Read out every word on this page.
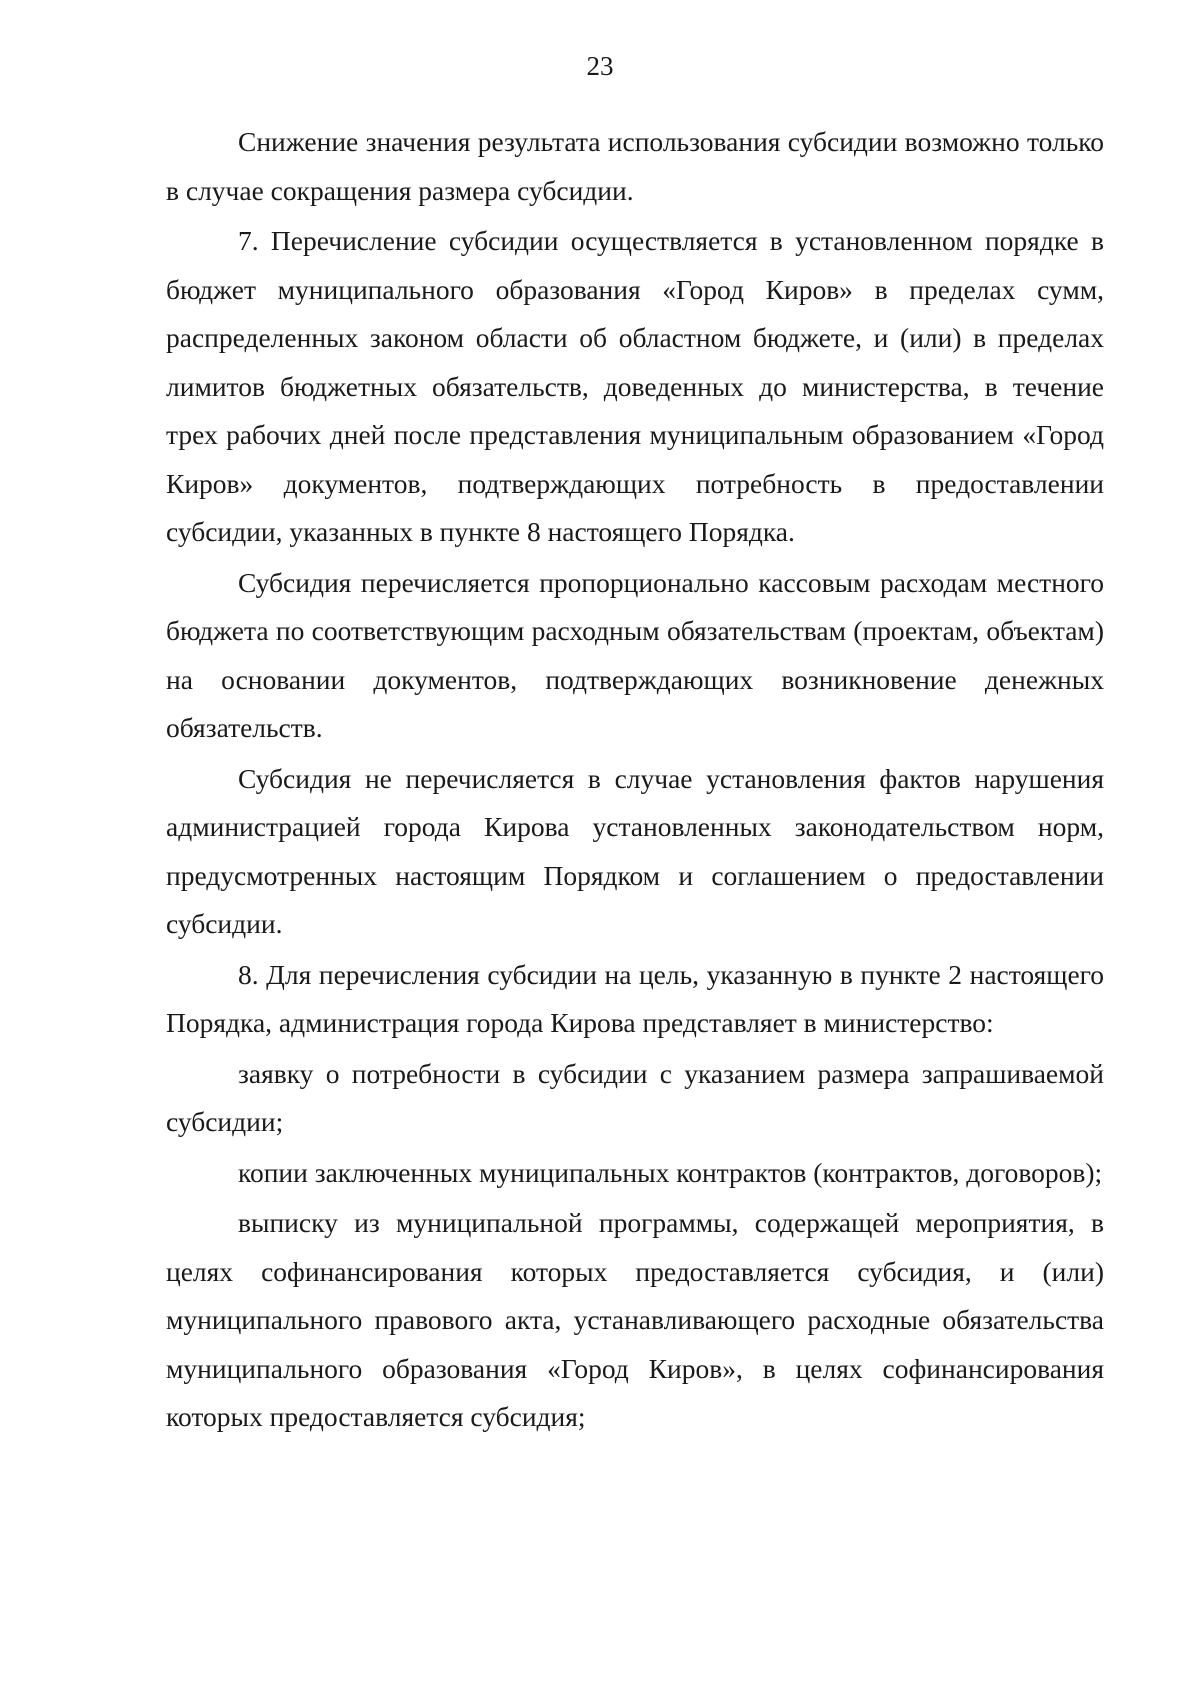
23

Снижение значения результата использования субсидии возможно только в случае сокращения размера субсидии.

7. Перечисление субсидии осуществляется в установленном порядке в бюджет муниципального образования «Город Киров» в пределах сумм, распределенных законом области об областном бюджете, и (или) в пределах лимитов бюджетных обязательств, доведенных до министерства, в течение трех рабочих дней после представления муниципальным образованием «Город Киров» документов, подтверждающих потребность в предоставлении субсидии, указанных в пункте 8 настоящего Порядка.

Субсидия перечисляется пропорционально кассовым расходам местного бюджета по соответствующим расходным обязательствам (проектам, объектам) на основании документов, подтверждающих возникновение денежных обязательств.

Субсидия не перечисляется в случае установления фактов нарушения администрацией города Кирова установленных законодательством норм, предусмотренных настоящим Порядком и соглашением о предоставлении субсидии.

8. Для перечисления субсидии на цель, указанную в пункте 2 настоящего Порядка, администрация города Кирова представляет в министерство:

заявку о потребности в субсидии с указанием размера запрашиваемой субсидии;

копии заключенных муниципальных контрактов (контрактов, договоров);

выписку из муниципальной программы, содержащей мероприятия, в целях софинансирования которых предоставляется субсидия, и (или) муниципального правового акта, устанавливающего расходные обязательства муниципального образования «Город Киров», в целях софинансирования которых предоставляется субсидия;
